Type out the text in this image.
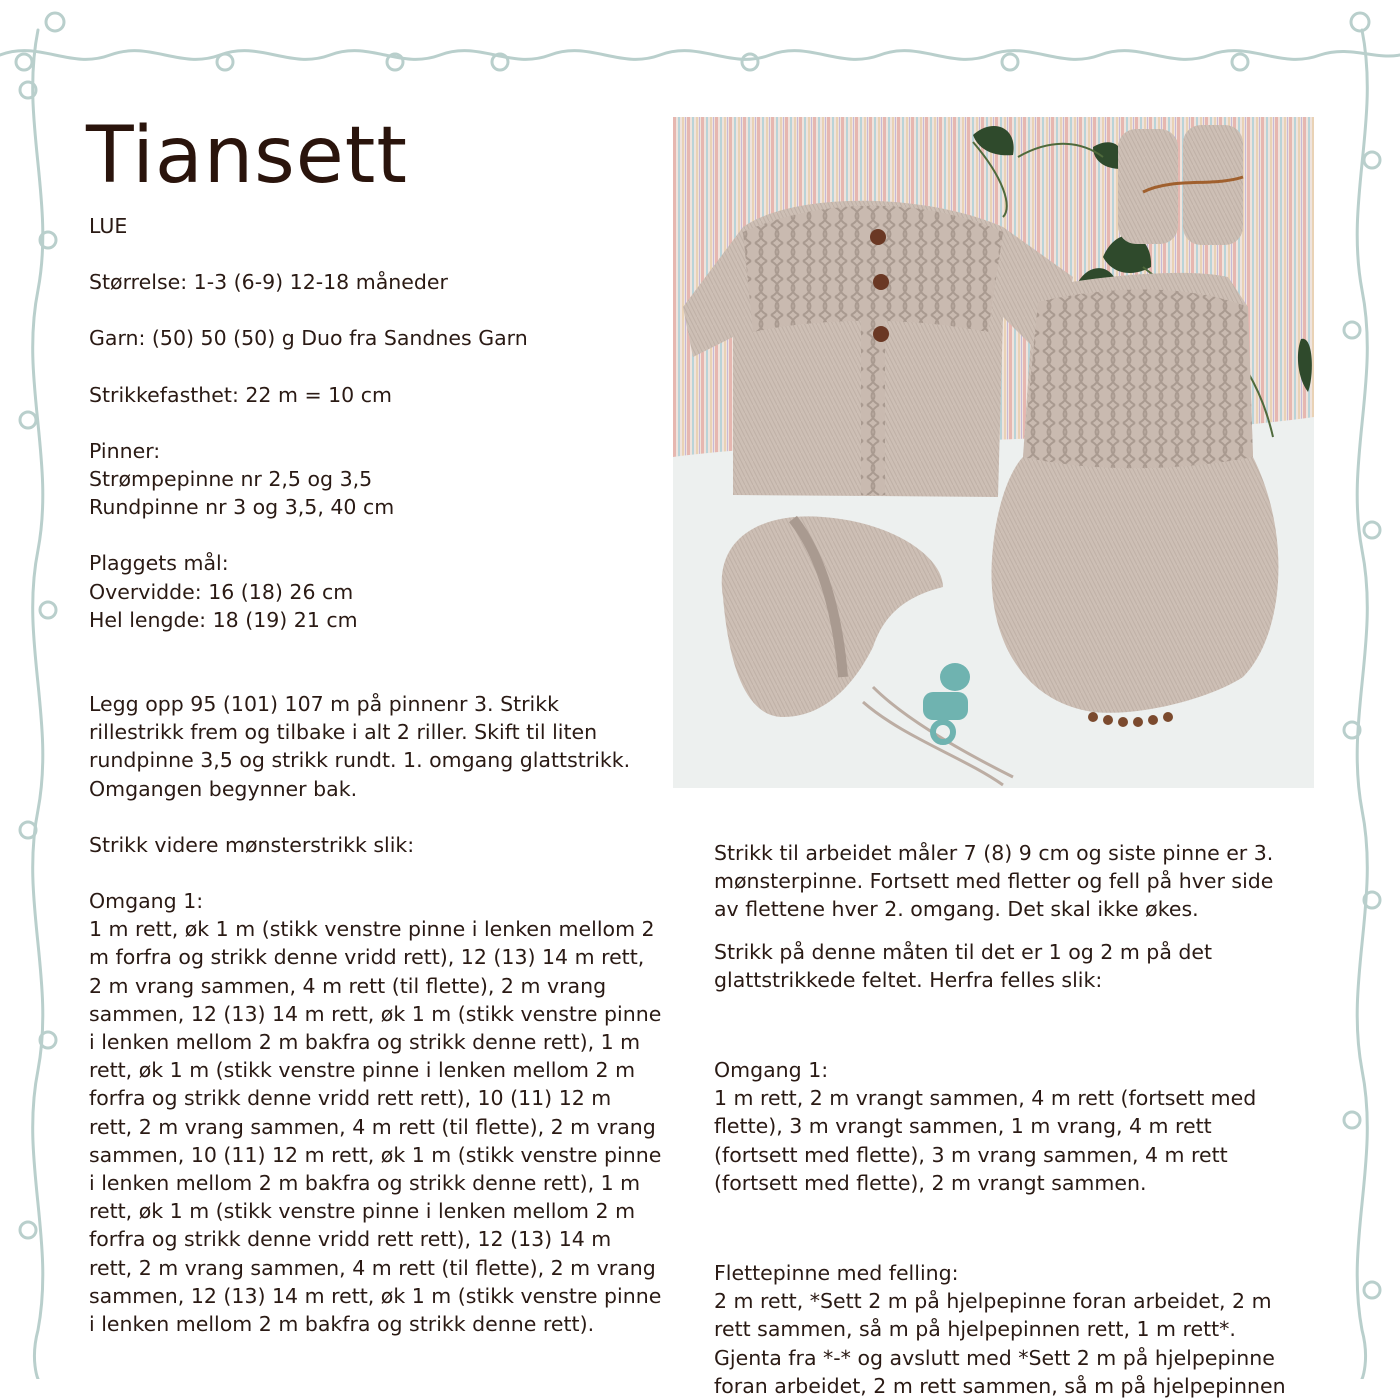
Tiansett

LUE

Størrelse: 1-3 (6-9) 12-18 måneder

Garn: (50) 50 (50) g Duo fra Sandnes Garn

Strikkefasthet: 22 m = 10 cm

Pinner:

Strømpepinne nr 2,5 og 3,5

Rundpinne nr 3 og 3,5, 40 cm

Plaggets mål:

Overvidde: 16 (18) 26 cm

Hel lengde: 18 (19) 21 cm

Legg opp 95 (101) 107 m på pinnenr 3. Strikk

rillestrikk frem og tilbake i alt 2 riller. Skift til liten

rundpinne 3,5 og strikk rundt. 1. omgang glattstrikk.

Omgangen begynner bak.

Strikk videre mønsterstrikk slik:

Omgang 1:

1 m rett, øk 1 m (stikk venstre pinne i lenken mellom 2

m forfra og strikk denne vridd rett), 12 (13) 14 m rett,

2 m vrang sammen, 4 m rett (til flette), 2 m vrang

sammen, 12 (13) 14 m rett, øk 1 m (stikk venstre pinne

i lenken mellom 2 m bakfra og strikk denne rett), 1 m

rett, øk 1 m (stikk venstre pinne i lenken mellom 2 m

forfra og strikk denne vridd rett rett), 10 (11) 12 m

rett, 2 m vrang sammen, 4 m rett (til flette), 2 m vrang

sammen, 10 (11) 12 m rett, øk 1 m (stikk venstre pinne

i lenken mellom 2 m bakfra og strikk denne rett), 1 m

rett, øk 1 m (stikk venstre pinne i lenken mellom 2 m

forfra og strikk denne vridd rett rett), 12 (13) 14 m

rett, 2 m vrang sammen, 4 m rett (til flette), 2 m vrang

sammen, 12 (13) 14 m rett, øk 1 m (stikk venstre pinne

i lenken mellom 2 m bakfra og strikk denne rett).

Strikk til arbeidet måler 7 (8) 9 cm og siste pinne er 3.

mønsterpinne. Fortsett med fletter og fell på hver side

av flettene hver 2. omgang. Det skal ikke økes.

Strikk på denne måten til det er 1 og 2 m på det

glattstrikkede feltet. Herfra felles slik:

Omgang 1:

1 m rett, 2 m vrangt sammen, 4 m rett (fortsett med

flette), 3 m vrangt sammen, 1 m vrang, 4 m rett

(fortsett med flette), 3 m vrang sammen, 4 m rett

(fortsett med flette), 2 m vrangt sammen.

Flettepinne med felling:

2 m rett, *Sett 2 m på hjelpepinne foran arbeidet, 2 m

rett sammen, så m på hjelpepinnen rett, 1 m rett*.

Gjenta fra *-* og avslutt med *Sett 2 m på hjelpepinne

foran arbeidet, 2 m rett sammen, så m på hjelpepinnen
